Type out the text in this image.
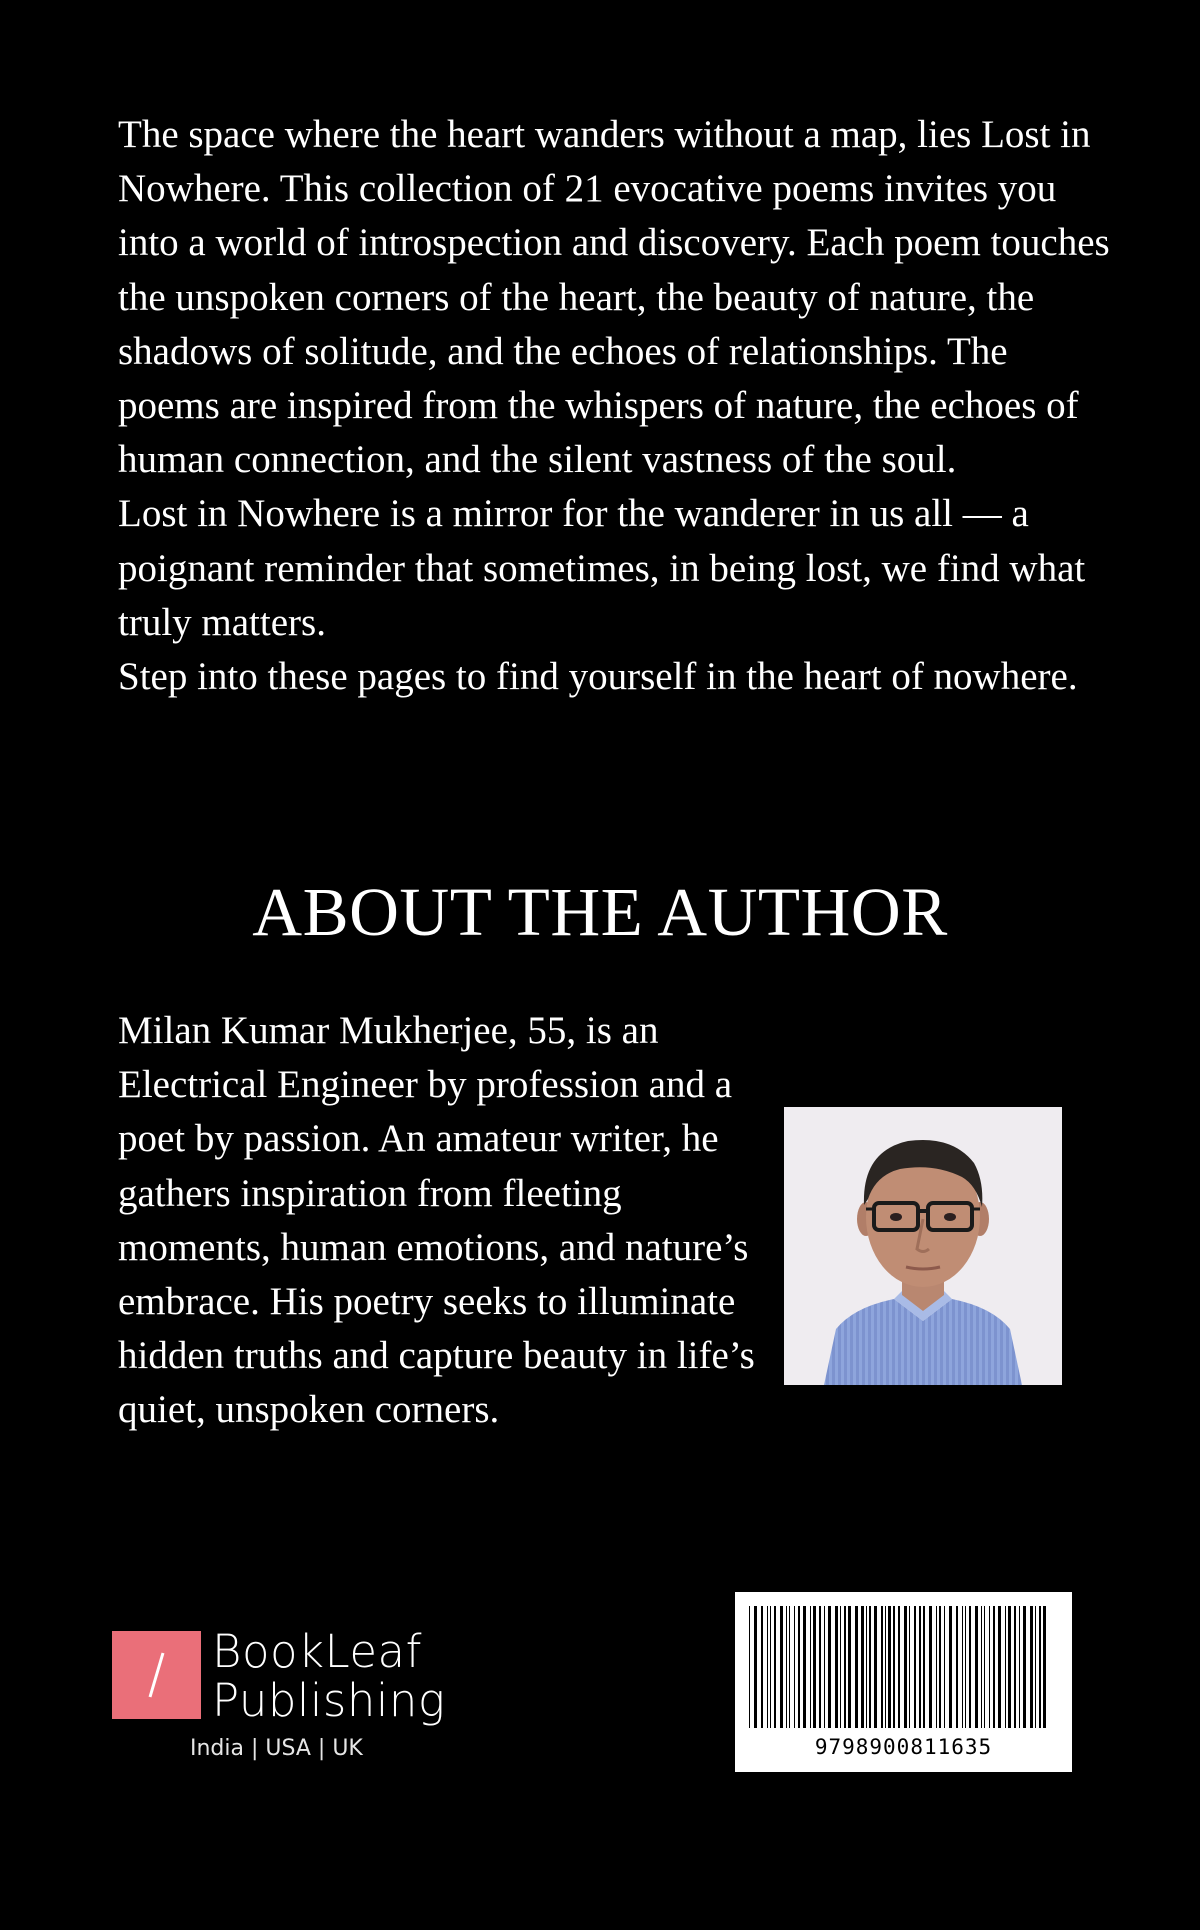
The space where the heart wanders without a map, lies Lost in Nowhere. This collection of 21 evocative poems invites you into a world of introspection and discovery. Each poem touches the unspoken corners of the heart, the beauty of nature, the shadows of solitude, and the echoes of relationships. The poems are inspired from the whispers of nature, the echoes of human connection, and the silent vastness of the soul.

Lost in Nowhere is a mirror for the wanderer in us all — a poignant reminder that sometimes, in being lost, we find what truly matters.

Step into these pages to find yourself in the heart of nowhere.

ABOUT THE AUTHOR

Milan Kumar Mukherjee, 55, is an Electrical Engineer by profession and a poet by passion. An amateur writer, he gathers inspiration from fleeting moments, human emotions, and nature’s embrace. His poetry seeks to illuminate hidden truths and capture beauty in life’s quiet, unspoken corners.

BookLeaf
Publishing
India | USA | UK	9798900811635
